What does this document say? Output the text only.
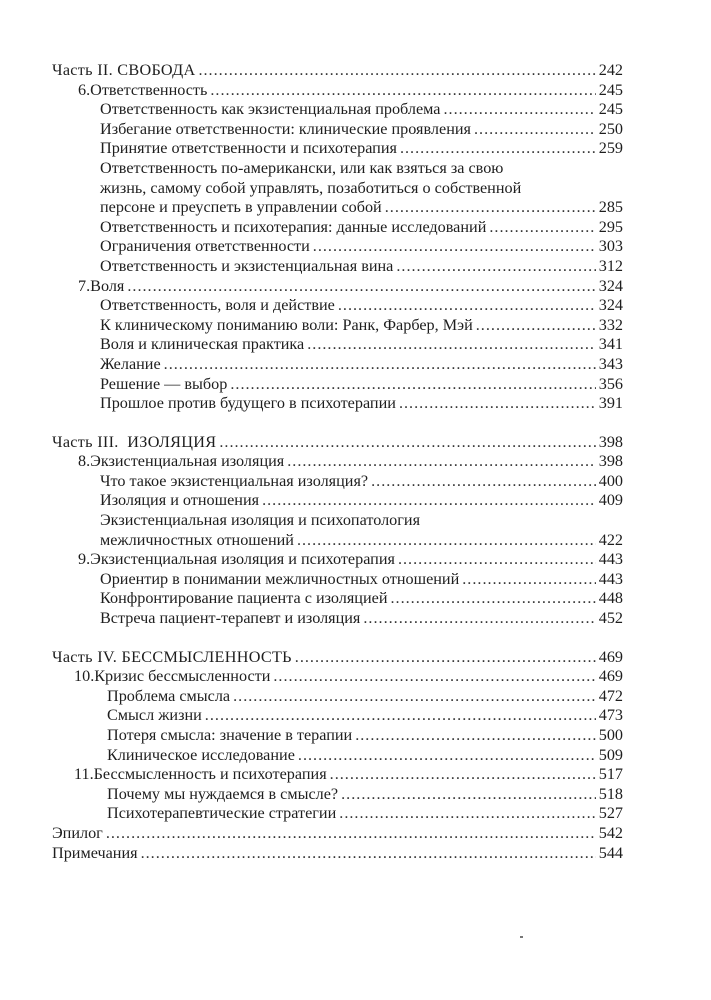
Часть II. СВОБОДА .....	242
6. Ответственность .....	245
Ответственность как экзистенциальная проблема .....	245
Избегание ответственности: клинические проявления .....	250
Принятие ответственности и психотерапия .....	259
Ответственность по-американски, или как взяться за свою
жизнь, самому собой управлять, позаботиться о собственной
персоне и преуспеть в управлении собой .....	285
Ответственность и психотерапия: данные исследований .....	295
Ограничения ответственности .....	303
Ответственность и экзистенциальная вина .....	312
7. Воля .....	324
Ответственность, воля и действие .....	324
К клиническому пониманию воли: Ранк, Фарбер, Мэй .....	332
Воля и клиническая практика .....	341
Желание .....	343
Решение — выбор .....	356
Прошлое против будущего в психотерапии .....	391
Часть III.  ИЗОЛЯЦИЯ .....	398
8. Экзистенциальная изоляция .....	398
Что такое экзистенциальная изоляция? .....	400
Изоляция и отношения .....	409
Экзистенциальная изоляция и психопатология
межличностных отношений .....	422
9. Экзистенциальная изоляция и психотерапия .....	443
Ориентир в понимании межличностных отношений .....	443
Конфронтирование пациента с изоляцией .....	448
Встреча пациент-терапевт и изоляция .....	452
Часть IV. БЕССМЫСЛЕННОСТЬ .....	469
10. Кризис бессмысленности .....	469
Проблема смысла .....	472
Смысл жизни .....	473
Потеря смысла: значение в терапии .....	500
Клиническое исследование .....	509
11. Бессмысленность и психотерапия .....	517
Почему мы нуждаемся в смысле? .....	518
Психотерапевтические стратегии .....	527
Эпилог .....	542
Примечания .....	544
